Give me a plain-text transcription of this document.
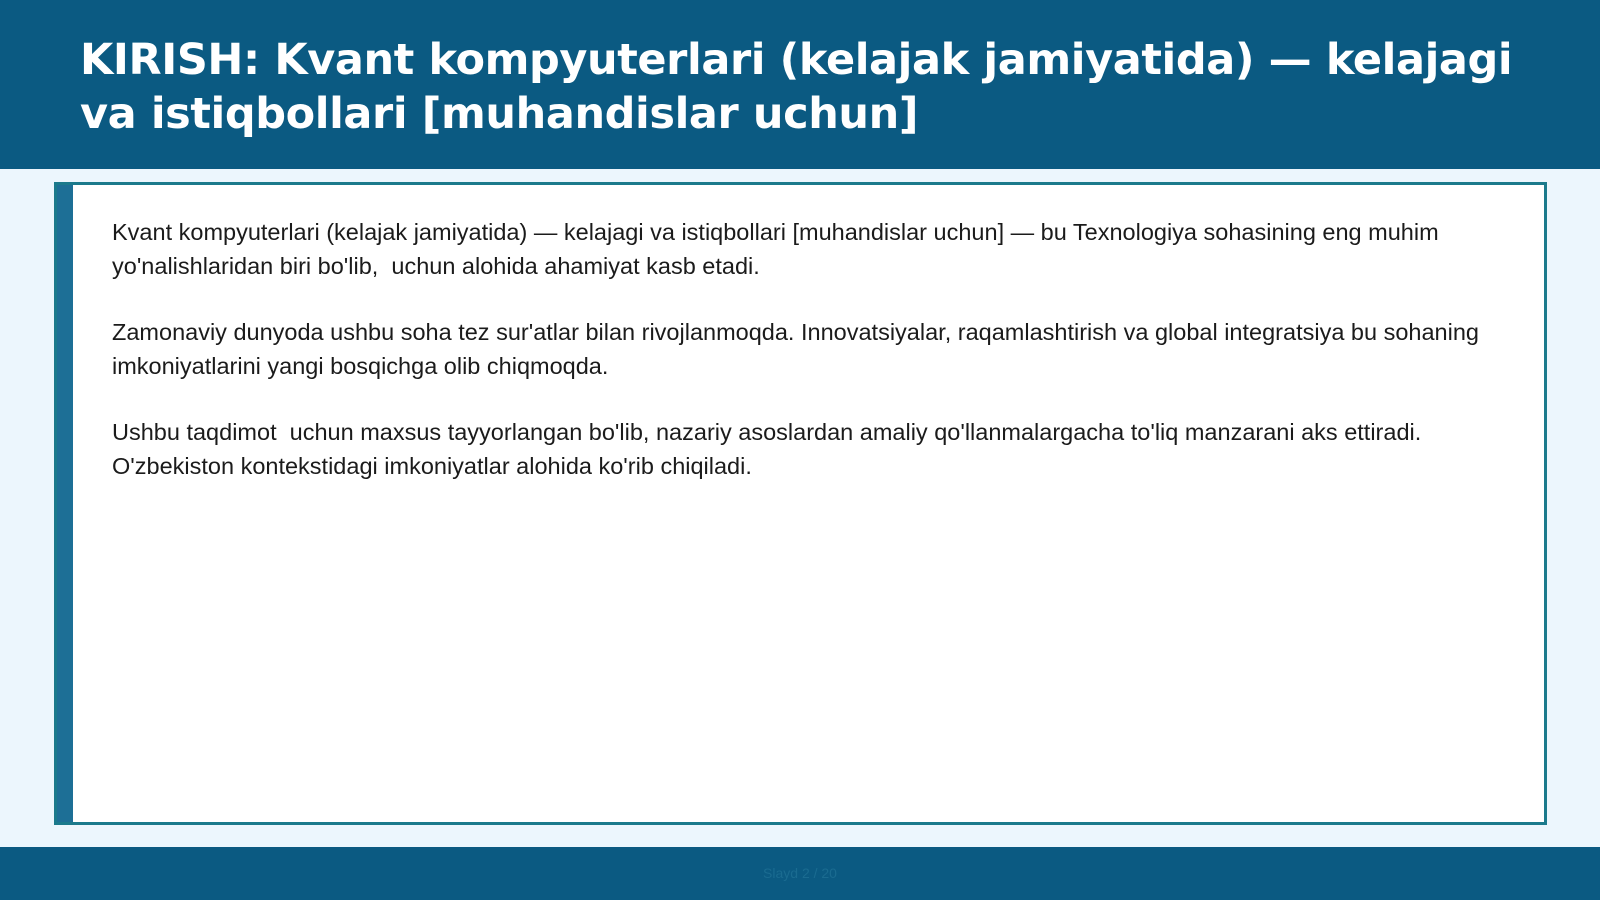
KIRISH: Kvant kompyuterlari (kelajak jamiyatida) — kelajagi va istiqbollari [muhandislar uchun]

Kvant kompyuterlari (kelajak jamiyatida) — kelajagi va istiqbollari [muhandislar uchun] — bu Texnologiya sohasining eng muhim yo'nalishlaridan biri bo'lib,  uchun alohida ahamiyat kasb etadi.

Zamonaviy dunyoda ushbu soha tez sur'atlar bilan rivojlanmoqda. Innovatsiyalar, raqamlashtirish va global integratsiya bu sohaning imkoniyatlarini yangi bosqichga olib chiqmoqda.

Ushbu taqdimot  uchun maxsus tayyorlangan bo'lib, nazariy asoslardan amaliy qo'llanmalargacha to'liq manzarani aks ettiradi. O'zbekiston kontekstidagi imkoniyatlar alohida ko'rib chiqiladi.

Slayd 2 / 20
